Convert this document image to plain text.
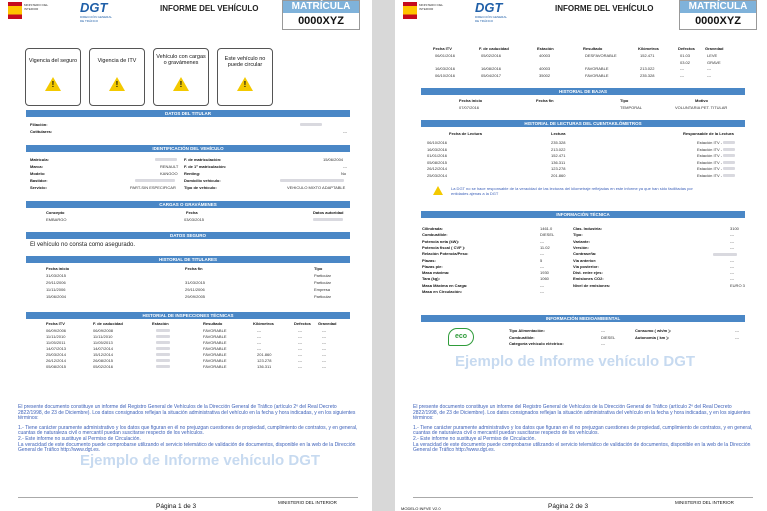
MINISTERIO DEL INTERIOR	DGT
DIRECCIÓN GENERAL DE TRÁFICO
INFORME DEL VEHÍCULO	MATRÍCULA
0000XYZ
Vigencia del seguro
!
Vigencia de ITV
!
Vehículo con cargas o gravámenes
!
Este vehículo no puede circular
!
DATOS DEL TITULAR
Filiación:
Cotitulares:	---
IDENTIFICACIÓN DEL VEHÍCULO
Matrícula:
Marca:	RENAULT
Modelo:	KANGOO
Bastidor:
Servicio:	PART-SIN ESPECIFICAR
F. de matriculación:	15/06/2004
F. de 1ª matriculación:	---
Renting:	No
Domicilio vehículo:
Tipo de vehículo:	VEHICULO MIXTO ADAPTABLE
CARGAS O GRAVÁMENES
Concepto	Fecha	Datos autoridad
EMBARGO	03/03/2015
DATOS SEGURO
El vehículo no consta como asegurado.
HISTORIAL DE TITULARES
Fecha inicio	Fecha fin	Tipo
31/03/2015	Particular
29/11/2006	31/03/2015	Particular
11/11/2006	29/11/2006	Empresa
15/06/2004	29/09/2005	Particular
HISTORIAL DE INSPECCIONES TÉCNICAS
Fecha ITV	F. de caducidad	Estación	Resultado	Kilómetros	Defectos Gravedad
06/09/2006	06/09/2008	FAVORABLE	---	---	---
11/11/2010	11/11/2010	FAVORABLE	---	---	---
11/05/2011	11/05/2013	FAVORABLE	---	---	---
14/07/2013	14/07/2014	FAVORABLE	---	---	---
25/03/2014	15/12/2014	FAVORABLE	201.860	---	---
26/12/2014	26/08/2015	FAVORABLE	123.278	---	---
05/08/2015	05/02/2016	FAVORABLE	136.311	---	---
Ejemplo de Informe vehículo DGT

El presente documento constituye un informe del Registro General de Vehículos de la Dirección General de Tráfico (artículo 2º del Real Decreto 2822/1998, de 23 de Diciembre). Los datos consignados reflejan la situación administrativa del vehículo en la fecha y hora indicadas, y en los siguientes términos:

1.- Tiene carácter puramente administrativo y los datos que figuran en él no prejuzgan cuestiones de propiedad, cumplimiento de contratos, y en general, cuantas de naturaleza civil o mercantil puedan suscitarse respecto de los vehículos.

2.- Este informe no sustituye al Permiso de Circulación.

La veracidad de este documento puede comprobarse utilizando el servicio telemático de validación de documentos, disponible en la web de la Dirección General de Tráfico http://www.dgt.es.

Página 1 de 3
MINISTERIO DEL INTERIOR
MINISTERIO DEL INTERIOR	DGT
DIRECCIÓN GENERAL DE TRÁFICO
INFORME DEL VEHÍCULO	MATRÍCULA
0000XYZ
Fecha ITV	F. de caducidad	Estación	Resultado	Kilómetros	Defectos	Gravedad
06/01/2016	05/02/2016	40003	DESFAVORABLE	152.471	01.03	LEVE
03.02	GRAVE
16/03/2016	16/08/2016	40003	FAVORABLE	213.022	---	---
06/10/2016	05/04/2017	35002	FAVORABLE	235.328	---	---
HISTORIAL DE BAJAS
Fecha inicio	Fecha fin	Tipo	Motivo
07/07/2016	TEMPORAL	VOLUNTARIA PET. TITULAR
HISTORIAL DE LECTURAS DEL CUENTAKILÓMETROS
Fecha de Lectura	Lectura	Responsable de la Lectura
06/10/2016	235.328	Estación ITV -
16/03/2016	213.022	Estación ITV -
01/01/2016	152.471	Estación ITV -
05/08/2015	136.311	Estación ITV -
26/12/2014	123.278	Estación ITV -
25/03/2014	201.860	Estación ITV -
La DGT no se hace responsable de la veracidad de las lecturas del kilometraje reflejadas en este informe ya que han sido facilitadas por entidades ajenas a la DGT
INFORMACIÓN TÉCNICA
Cilindrada:	1461.0
Combustible:	DIESEL
Potencia neta (kW):	---
Potencia fiscal ( CVF ):	11.02
Relación Potencia/Peso:	---
Plazas:	5
Plazas pie:	---
Masa máxima:	1930
Tara (kg):	1060
Masa Máxima en Carga:	---
Masa en Circulación:	---
Clas. Industria:	3100
Tipo:	---
Variante:	---
Versión:	---
Contraseña:
Vía anterior:	---
Vía posterior:	---
Dist. entre ejes:	---
Emisiones CO2:	---
Nivel de emisiones:	EURO 3
INFORMACIÓN MEDIOAMBIENTAL
eco
Tipo Alimentación:	---
Combustible:	DIESEL
Categoría vehículo eléctrico:	---
Consumo ( wh/m ):	---
Autonomía ( km ):	---
Ejemplo de Informe vehículo DGT

El presente documento constituye un informe del Registro General de Vehículos de la Dirección General de Tráfico (artículo 2º del Real Decreto 2822/1998, de 23 de Diciembre). Los datos consignados reflejan la situación administrativa del vehículo en la fecha y hora indicadas, y en los siguientes términos:

1.- Tiene carácter puramente administrativo y los datos que figuran en él no prejuzgan cuestiones de propiedad, cumplimiento de contratos, y en general, cuantas de naturaleza civil o mercantil puedan suscitarse respecto de los vehículos.

2.- Este informe no sustituye al Permiso de Circulación.

La veracidad de este documento puede comprobarse utilizando el servicio telemático de validación de documentos, disponible en la web de la Dirección General de Tráfico http://www.dgt.es.

Página 2 de 3
MINISTERIO DEL INTERIOR
MODELO INFVE V2.0
